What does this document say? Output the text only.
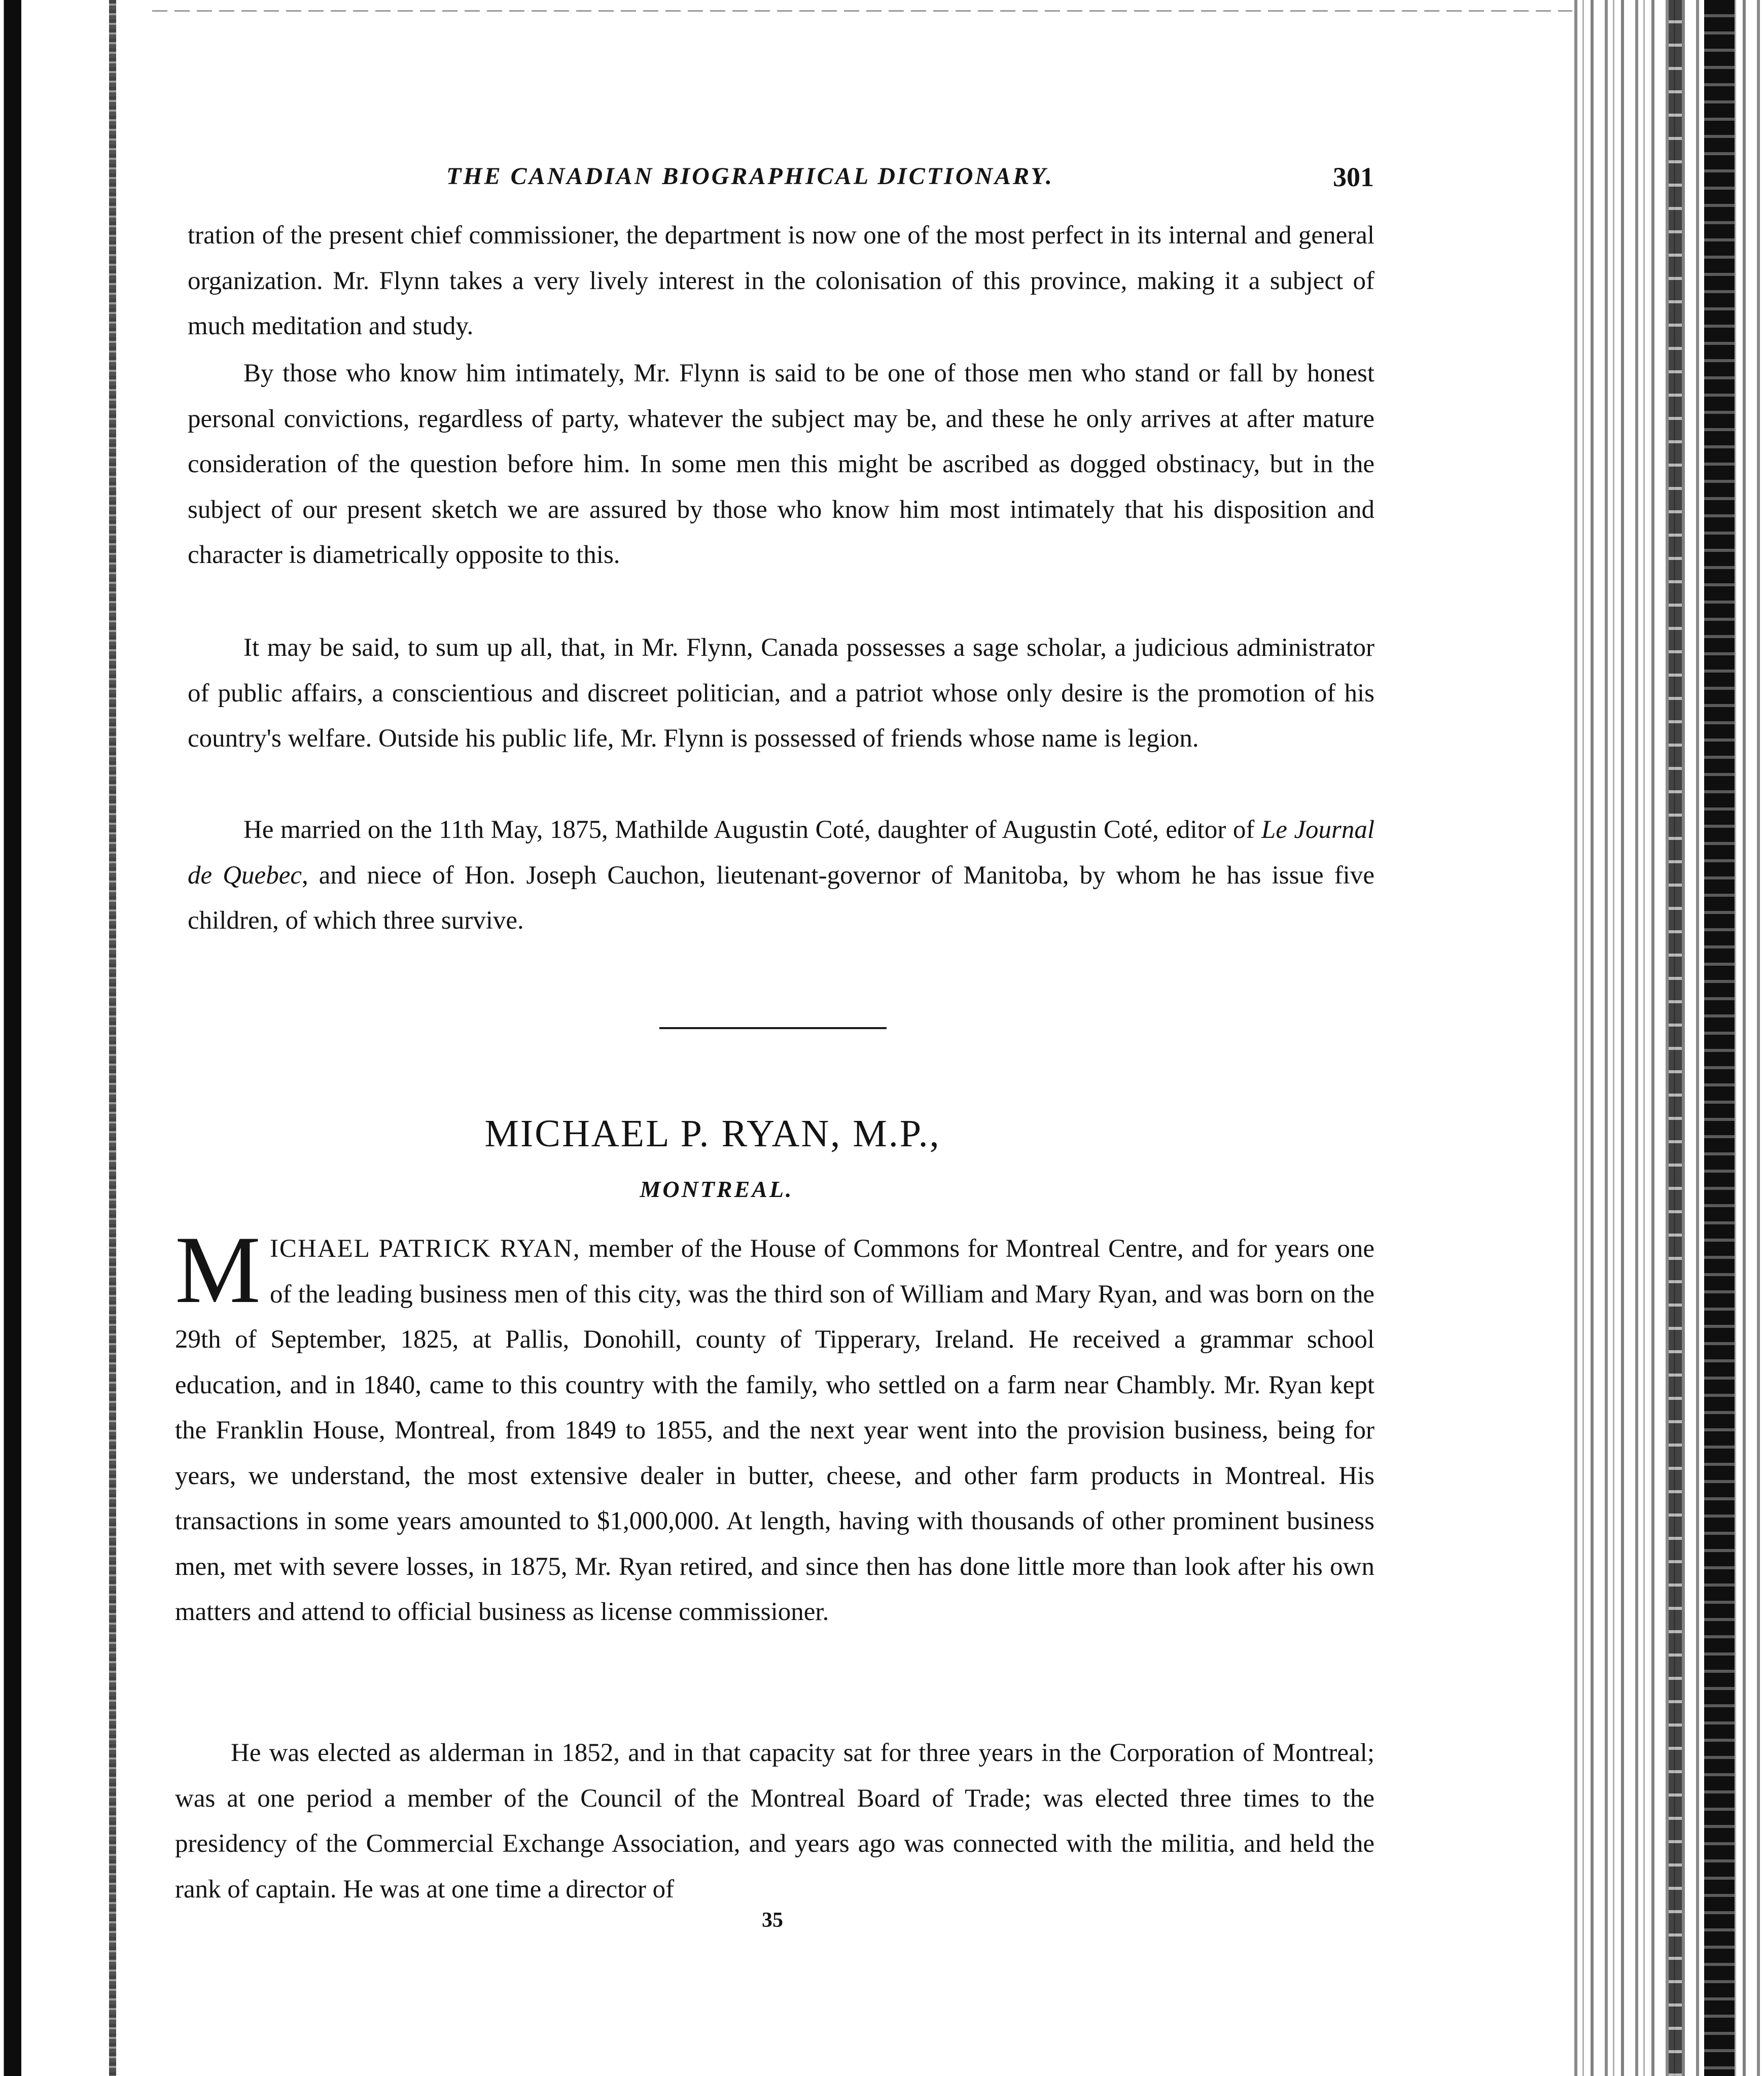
THE CANADIAN BIOGRAPHICAL DICTIONARY.	301
tration of the present chief commissioner, the department is now one of the most perfect in its internal and general organization. Mr. Flynn takes a very lively interest in the colonisation of this province, making it a subject of much meditation and study.
By those who know him intimately, Mr. Flynn is said to be one of those men who stand or fall by honest personal convictions, regardless of party, whatever the subject may be, and these he only arrives at after mature consideration of the question before him. In some men this might be ascribed as dogged obstinacy, but in the subject of our present sketch we are assured by those who know him most intimately that his disposition and character is diametrically opposite to this.
It may be said, to sum up all, that, in Mr. Flynn, Canada possesses a sage scholar, a judicious administrator of public affairs, a conscientious and discreet politician, and a patriot whose only desire is the promotion of his country's welfare. Outside his public life, Mr. Flynn is possessed of friends whose name is legion.
He married on the 11th May, 1875, Mathilde Augustin Coté, daughter of Augustin Coté, editor of Le Journal de Quebec, and niece of Hon. Joseph Cauchon, lieutenant-governor of Manitoba, by whom he has issue five children, of which three survive.
MICHAEL P. RYAN, M.P.,
MONTREAL.
MICHAEL PATRICK RYAN, member of the House of Commons for Montreal Centre, and for years one of the leading business men of this city, was the third son of William and Mary Ryan, and was born on the 29th of September, 1825, at Pallis, Donohill, county of Tipperary, Ireland. He received a grammar school education, and in 1840, came to this country with the family, who settled on a farm near Chambly. Mr. Ryan kept the Franklin House, Montreal, from 1849 to 1855, and the next year went into the provision business, being for years, we understand, the most extensive dealer in butter, cheese, and other farm products in Montreal. His transactions in some years amounted to $1,000,000. At length, having with thousands of other prominent business men, met with severe losses, in 1875, Mr. Ryan retired, and since then has done little more than look after his own matters and attend to official business as license commissioner.
He was elected as alderman in 1852, and in that capacity sat for three years in the Corporation of Montreal; was at one period a member of the Council of the Montreal Board of Trade; was elected three times to the presidency of the Commercial Exchange Association, and years ago was connected with the militia, and held the rank of captain. He was at one time a director of
35
